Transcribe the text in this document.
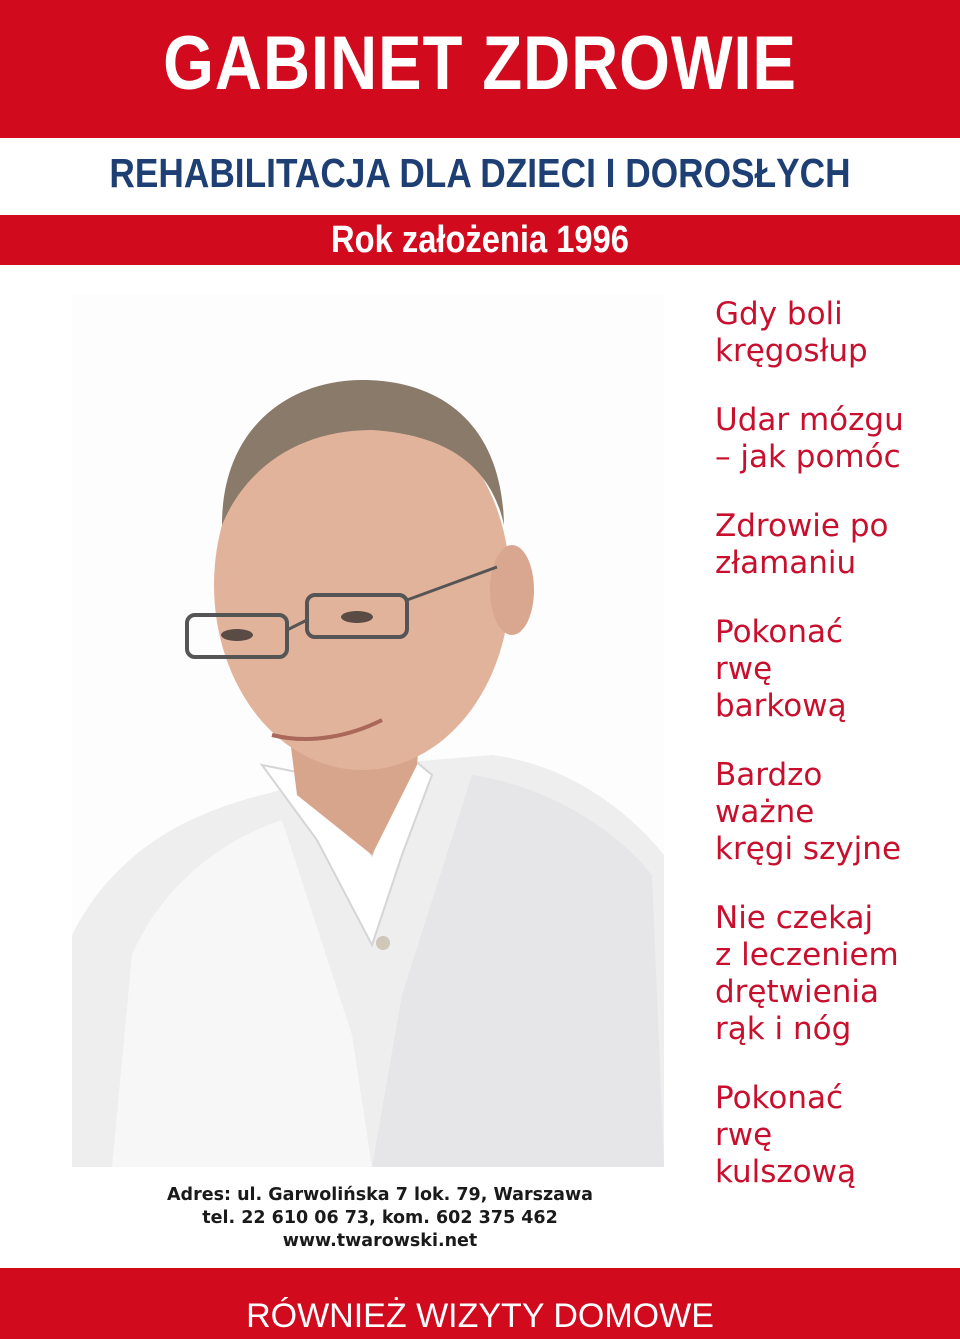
GABINET ZDROWIE
REHABILITACJA DLA DZIECI I DOROSŁYCH
Rok założenia 1996
Gdy boli
kręgosłup
Udar mózgu
– jak pomóc
Zdrowie po
złamaniu
Pokonać
rwę
barkową
Bardzo
ważne
kręgi szyjne
Nie czekaj
z leczeniem
drętwienia
rąk i nóg
Pokonać
rwę
kulszową
Adres: ul. Garwolińska 7 lok. 79, Warszawa
tel. 22 610 06 73, kom. 602 375 462
www.twarowski.net
RÓWNIEŻ WIZYTY DOMOWE
